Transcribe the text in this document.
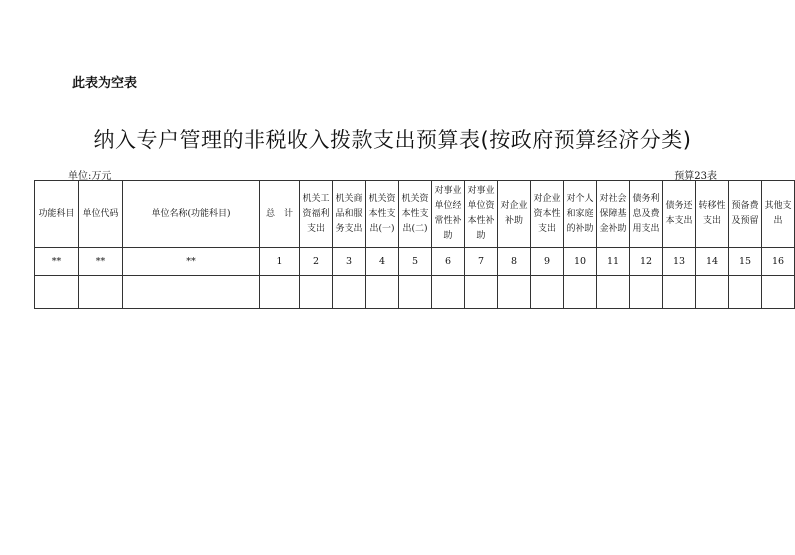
此表为空表
纳入专户管理的非税收入拨款支出预算表(按政府预算经济分类)
单位:万元	预算23表
功能科目	单位代码	单位名称(功能科目)	总　计	机关工资福利支出	机关商品和服务支出	机关资本性支出(一)	机关资本性支出(二)	对事业单位经常性补助	对事业单位资本性补助	对企业补助	对企业资本性支出	对个人和家庭的补助	对社会保障基金补助	债务利息及费用支出	债务还本支出	转移性支出	预备费及预留	其他支出
**	**	**	1	2	3	4	5	6	7	8	9	10	11	12	13	14	15	16
